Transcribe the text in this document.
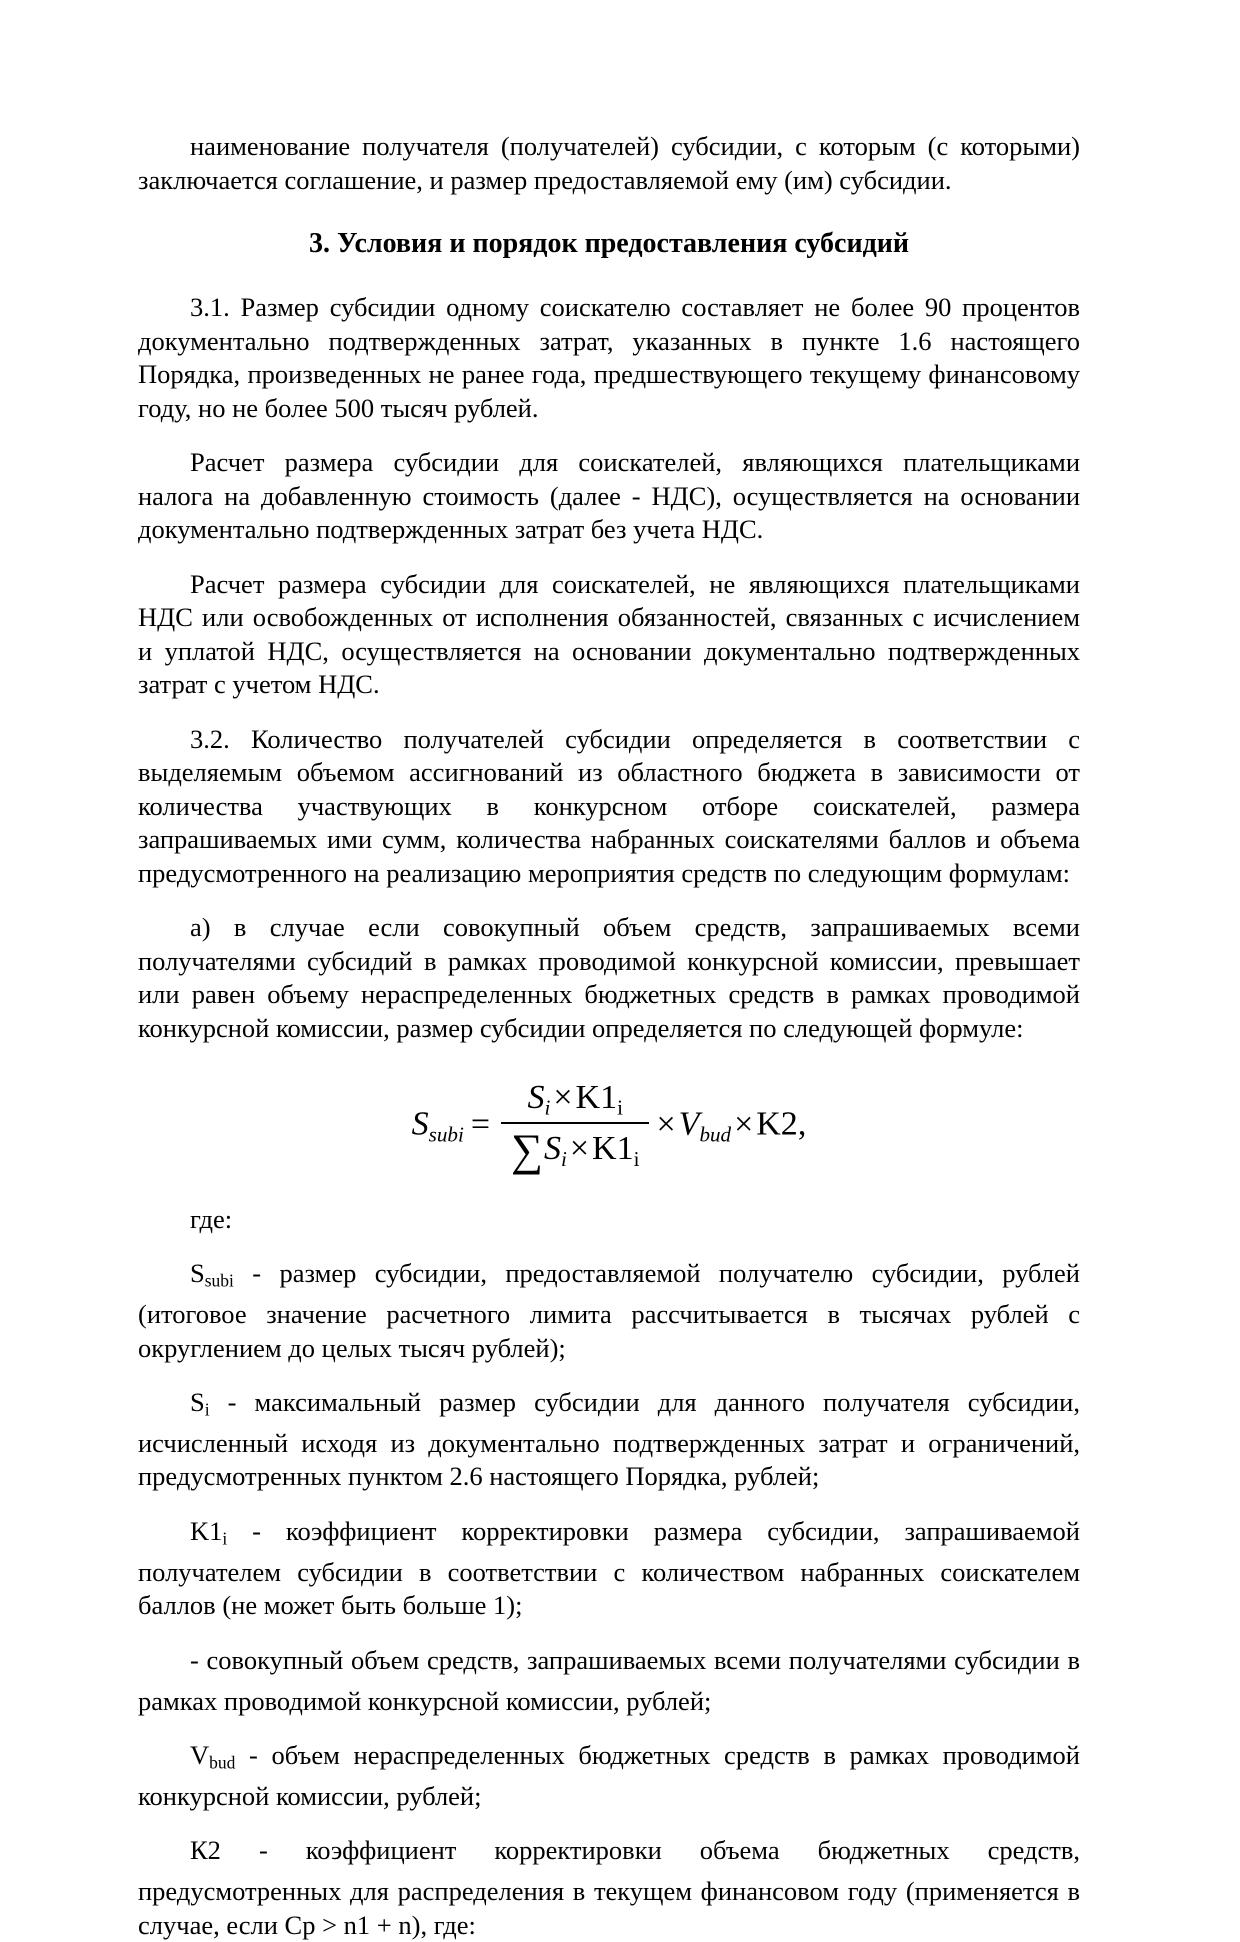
наименование получателя (получателей) субсидии, с которым (с которыми) заключается соглашение, и размер предоставляемой ему (им) субсидии.

3. Условия и порядок предоставления субсидий

3.1. Размер субсидии одному соискателю составляет не более 90 процентов документально подтвержденных затрат, указанных в пункте 1.6 настоящего Порядка, произведенных не ранее года, предшествующего текущему финансовому году, но не более 500 тысяч рублей.

Расчет размера субсидии для соискателей, являющихся плательщиками налога на добавленную стоимость (далее - НДС), осуществляется на основании документально подтвержденных затрат без учета НДС.

Расчет размера субсидии для соискателей, не являющихся плательщиками НДС или освобожденных от исполнения обязанностей, связанных с исчислением и уплатой НДС, осуществляется на основании документально подтвержденных затрат с учетом НДС.

3.2. Количество получателей субсидии определяется в соответствии с выделяемым объемом ассигнований из областного бюджета в зависимости от количества участвующих в конкурсном отборе соискателей, размера запрашиваемых ими сумм, количества набранных соискателями баллов и объема предусмотренного на реализацию мероприятия средств по следующим формулам:

а) в случае если совокупный объем средств, запрашиваемых всеми получателями субсидий в рамках проводимой конкурсной комиссии, превышает или равен объему нераспределенных бюджетных средств в рамках проводимой конкурсной комиссии, размер субсидии определяется по следующей формуле:

$S_{subi} = \frac{S_i\times K1i}{\sum S_i\times K1i} \times V_{bud}\times K2$,

где:

Ssubi - размер субсидии, предоставляемой получателю субсидии, рублей (итоговое значение расчетного лимита рассчитывается в тысячах рублей с округлением до целых тысяч рублей);

Si - максимальный размер субсидии для данного получателя субсидии, исчисленный исходя из документально подтвержденных затрат и ограничений, предусмотренных пунктом 2.6 настоящего Порядка, рублей;

K1i - коэффициент корректировки размера субсидии, запрашиваемой получателем субсидии в соответствии с количеством набранных соискателем баллов (не может быть больше 1);

- совокупный объем средств, запрашиваемых всеми получателями субсидии в рамках проводимой конкурсной комиссии, рублей;

Vbud - объем нераспределенных бюджетных средств в рамках проводимой конкурсной комиссии, рублей;

К2 - коэффициент корректировки объема бюджетных средств, предусмотренных для распределения в текущем финансовом году (применяется в случае, если Ср > n1 + n), где:
